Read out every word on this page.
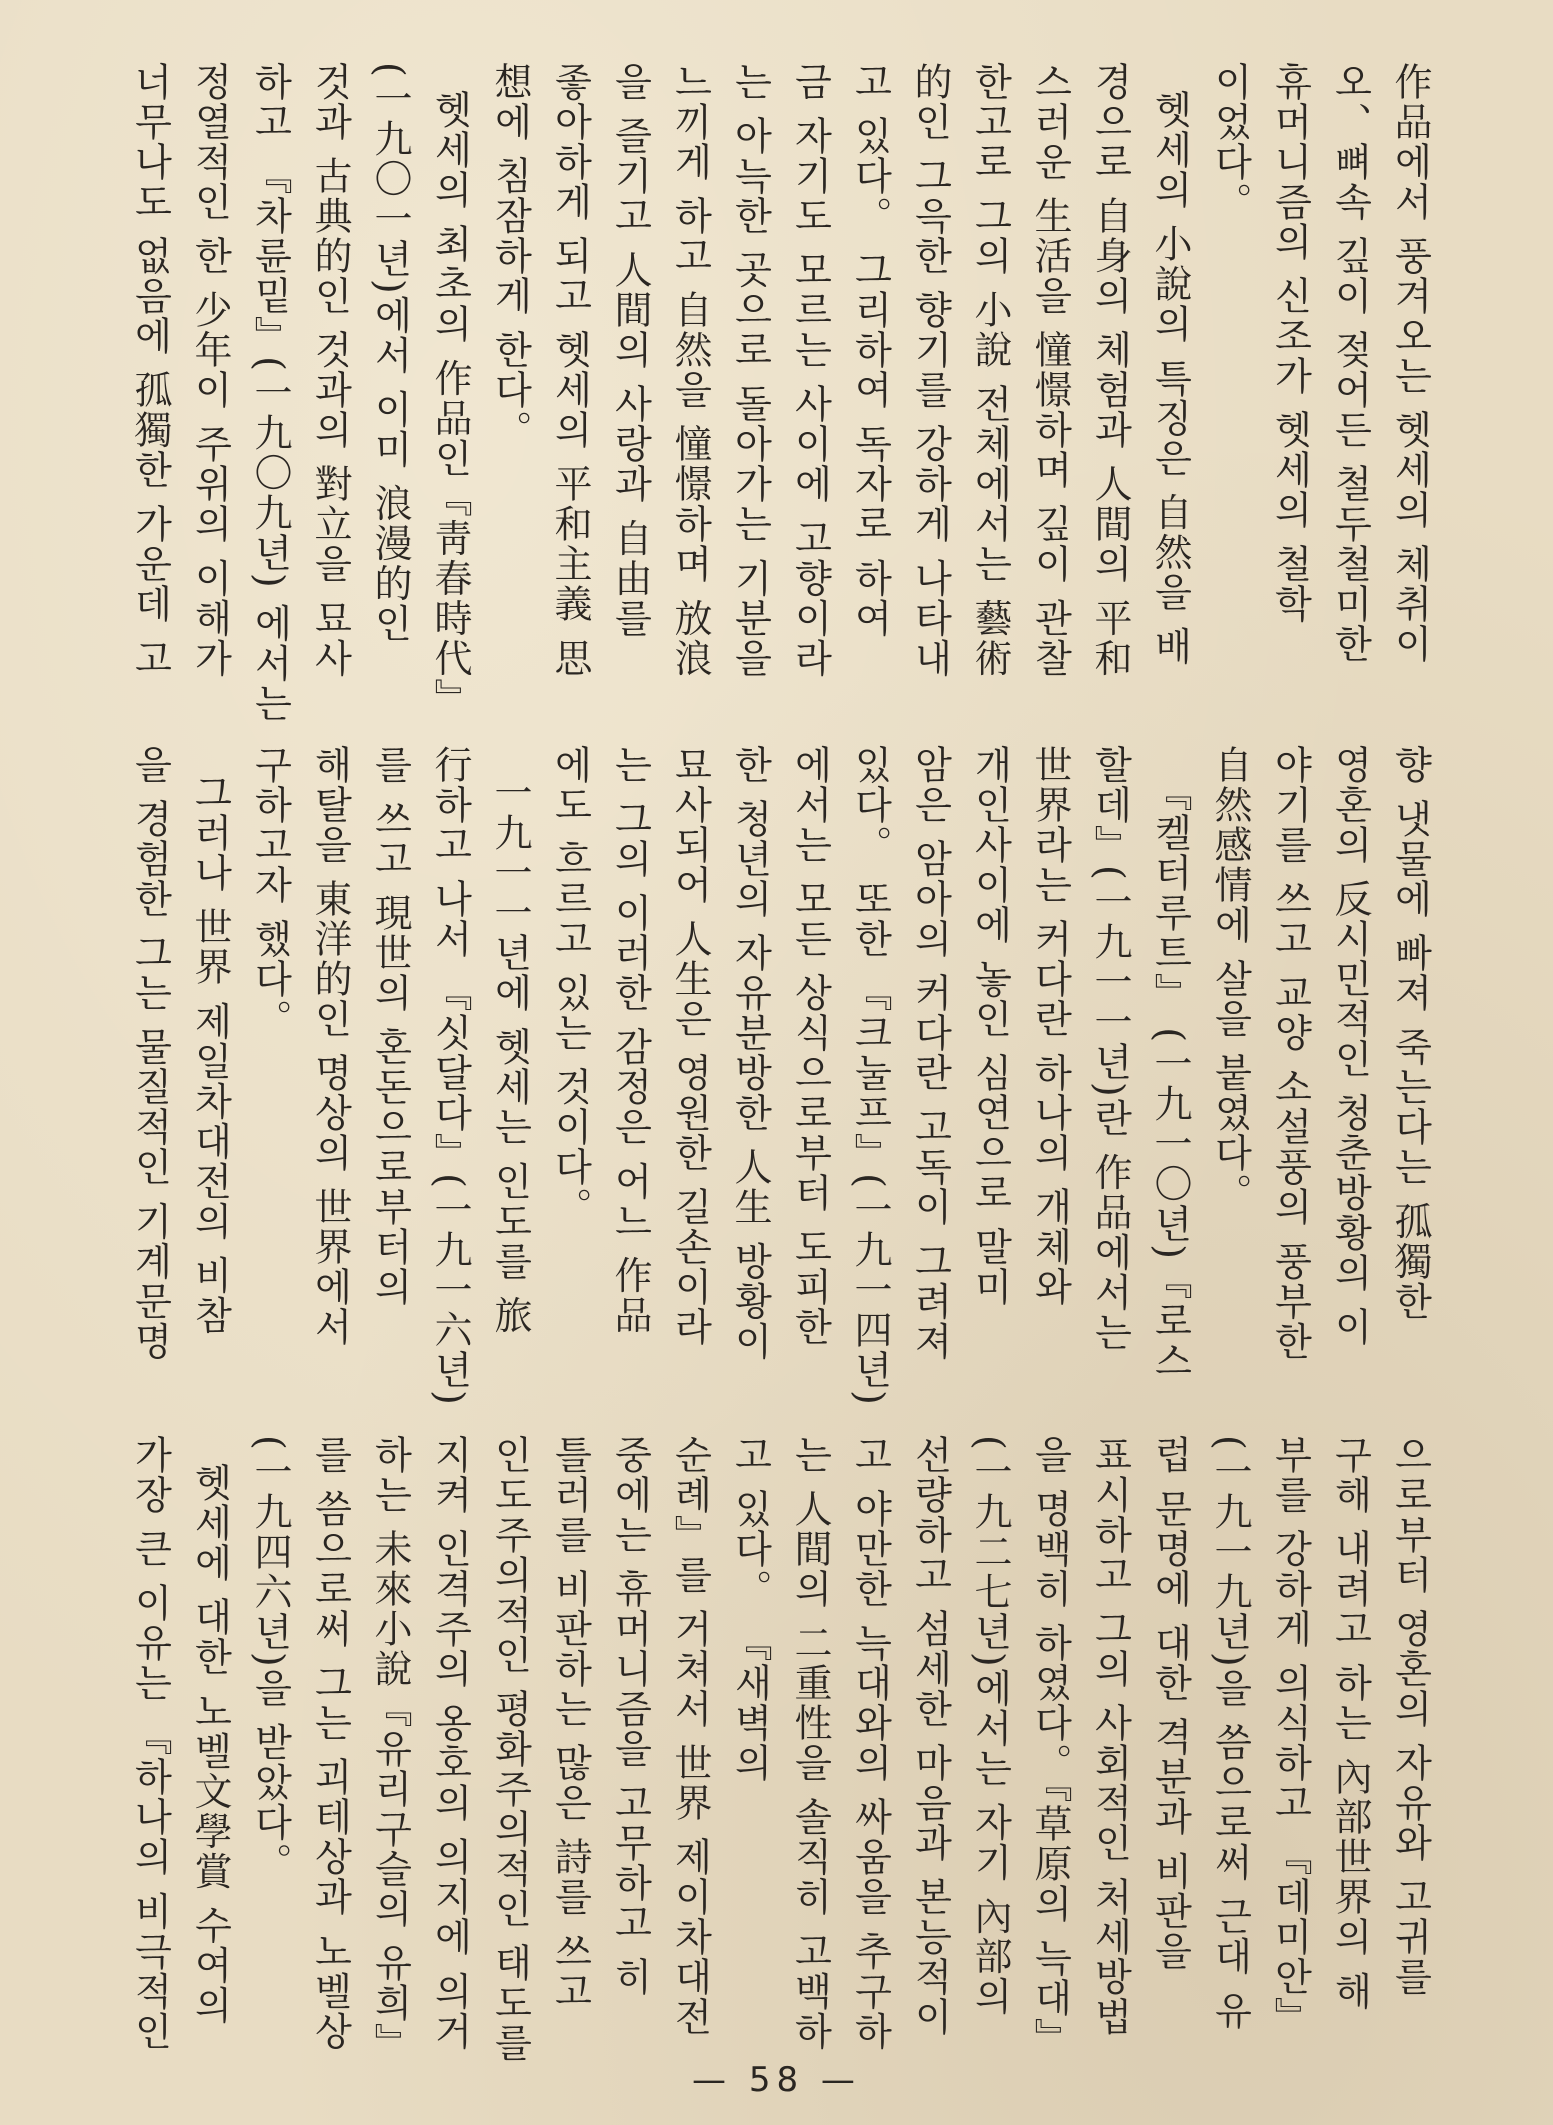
作品에서 풍겨오는 헷세의 체취이
오、뼈속 깊이 젖어든 철두철미한
휴머니즘의 신조가 헷세의 철학
이었다。
헷세의 小說의 특징은 自然을 배
경으로 自身의 체험과 人間의 平和
스러운 生活을 憧憬하며 깊이 관찰
한고로 그의 小說 전체에서는 藝術
的인 그윽한 향기를 강하게 나타내
고 있다。 그리하여 독자로 하여
금 자기도 모르는 사이에 고향이라
는 아늑한 곳으로 돌아가는 기분을
느끼게 하고 自然을 憧憬하며 放浪
을 즐기고 人間의 사랑과 自由를
좋아하게 되고 헷세의 平和主義 思
想에 침잠하게 한다。
헷세의 최초의 作品인『靑春時代』
(一九〇一년)에서 이미 浪漫的인
것과 古典的인 것과의 對立을 묘사
하고 『차륜밑』(一九〇九년) 에서는
정열적인 한 少年이 주위의 이해가
너무나도 없음에 孤獨한 가운데 고
향 냇물에 빠져 죽는다는 孤獨한
영혼의 反시민적인 청춘방황의 이
야기를 쓰고 교양 소설풍의 풍부한
自然感情에 살을 붙였다。
『켈터루트』 (一九一〇년)『로스
할데』(一九一一년)란 作品에서는
世界라는 커다란 하나의 개체와
개인사이에 놓인 심연으로 말미
암은 암아의 커다란 고독이 그려져
있다。 또한 『크눌프』(一九一四년)
에서는 모든 상식으로부터 도피한
한 청년의 자유분방한 人生 방황이
묘사되어 人生은 영원한 길손이라
는 그의 이러한 감정은 어느 作品
에도 흐르고 있는 것이다。
一九一一년에 헷세는 인도를 旅
行하고 나서 『싯달다』(一九一六년)
를 쓰고 現世의 혼돈으로부터의
해탈을 東洋的인 명상의 世界에서
구하고자 했다。
그러나 世界 제일차대전의 비참
을 경험한 그는 물질적인 기계문명
으로부터 영혼의 자유와 고귀를
구해 내려고 하는 內部世界의 해
부를 강하게 의식하고 『데미안』
(一九一九년)을 씀으로써 근대 유
럽 문명에 대한 격분과 비판을
표시하고 그의 사회적인 처세방법
을 명백히 하였다。『草原의 늑대』
(一九二七년)에서는 자기 內部의
선량하고 섬세한 마음과 본능적이
고 야만한 늑대와의 싸움을 추구하
는 人間의 二重性을 솔직히 고백하
고 있다。 『새벽의
순례』를 거쳐서 世界 제이차대전
중에는 휴머니즘을 고무하고 히
틀러를 비판하는 많은 詩를 쓰고
인도주의적인 평화주의적인 태도를
지켜 인격주의 옹호의 의지에 의거
하는 未來小說『유리구슬의 유희』
를 씀으로써 그는 괴테상과 노벨상
(一九四六년)을 받았다。
헷세에 대한 노벨文學賞 수여의
가장 큰 이유는 『하나의 비극적인
— 58 —
